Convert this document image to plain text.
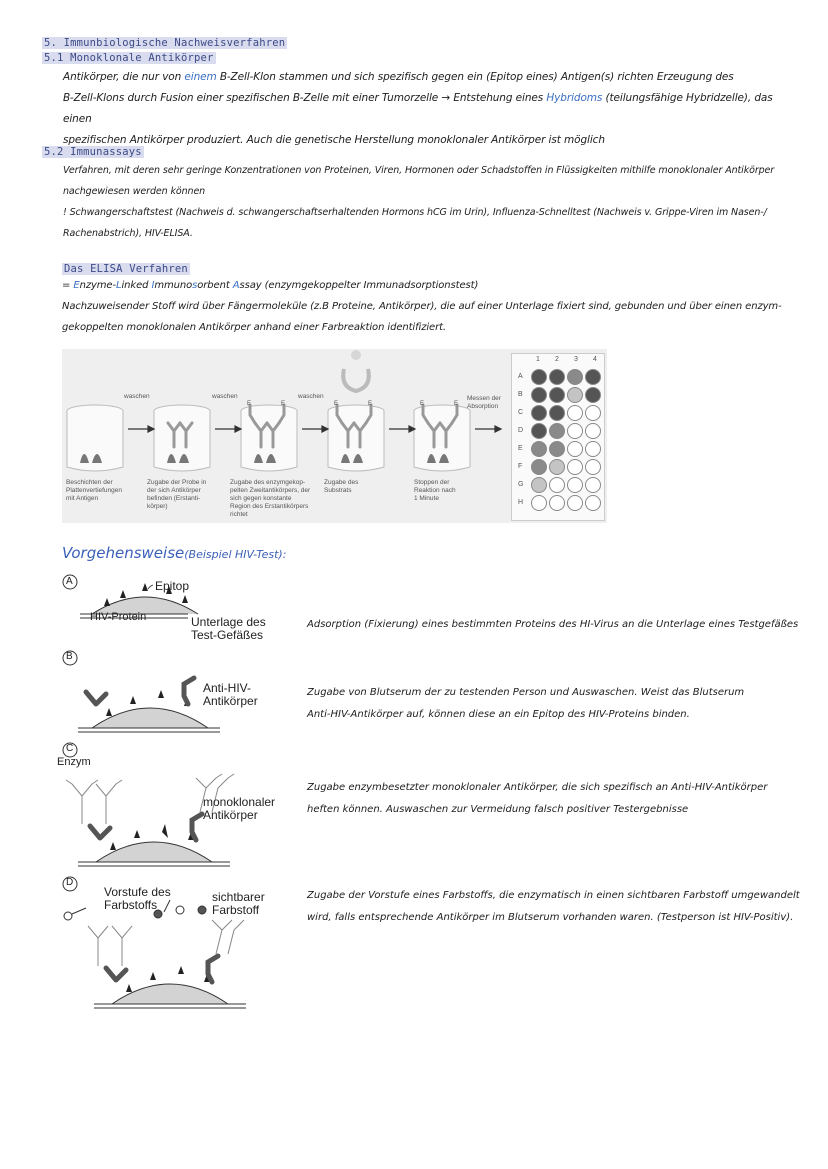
5. Immunbiologische Nachweisverfahren
5.1 Monoklonale Antikörper
Antikörper, die nur von einem B-Zell-Klon stammen und sich spezifisch gegen ein (Epitop eines) Antigen(s) richten Erzeugung des
B-Zell-Klons durch Fusion einer spezifischen B-Zelle mit einer Tumorzelle → Entstehung eines Hybridoms (teilungsfähige Hybridzelle), das einen
spezifischen Antikörper produziert. Auch die genetische Herstellung monoklonaler Antikörper ist möglich
5.2 Immunassays
Verfahren, mit deren sehr geringe Konzentrationen von Proteinen, Viren, Hormonen oder Schadstoffen in Flüssigkeiten mithilfe monoklonaler Antikörper
nachgewiesen werden können
! Schwangerschaftstest (Nachweis d. schwangerschaftserhaltenden Hormons hCG im Urin), Influenza-Schnelltest (Nachweis v. Grippe-Viren im Nasen-/
Rachenabstrich), HIV-ELISA.
Das ELISA Verfahren
= Enzyme-Linked Immunosorbent Assay (enzymgekoppelter Immunadsorptionstest)
Nachzuweisender Stoff wird über Fängermoleküle (z.B Proteine, Antikörper), die auf einer Unterlage fixiert sind, gebunden und über einen enzym-
gekoppelten monoklonalen Antikörper anhand einer Farbreaktion identifiziert.
E	E	E	E	E	E
waschen	waschen	waschen	Messen der
Absorption
Beschichten der
Plattenvertiefungen
mit Antigen
Zugabe der Probe in
der sich Antikörper
befinden (Erstanti-
körper)
Zugabe des enzymgekop-
pelten Zweitantikörpers, der
sich gegen konstante
Region des Erstantikörpers
richtet
Zugabe des
Substrats
Stoppen der
Reaktion nach
1 Minute
1 2 3 4
A
B
C
D
E
F
G
H
Vorgehensweise(Beispiel HIV-Test):
A	Epitop
HIV-Protein	Unterlage des
Test-Gefäßes
Adsorption (Fixierung) eines bestimmten Proteins des HI-Virus an die Unterlage eines Testgefäßes
B
Anti-HIV-
Antikörper
Zugabe von Blutserum der zu testenden Person und Auswaschen. Weist das Blutserum
Anti-HIV-Antikörper auf, können diese an ein Epitop des HIV-Proteins binden.
C
Enzym
monoklonaler
Antikörper
Zugabe enzymbesetzter monoklonaler Antikörper, die sich spezifisch an Anti-HIV-Antikörper
heften können. Auswaschen zur Vermeidung falsch positiver Testergebnisse
D
Vorstufe des
Farbstoffs
sichtbarer
Farbstoff
Zugabe der Vorstufe eines Farbstoffs, die enzymatisch in einen sichtbaren Farbstoff umgewandelt
wird, falls entsprechende Antikörper im Blutserum vorhanden waren. (Testperson ist HIV-Positiv).
